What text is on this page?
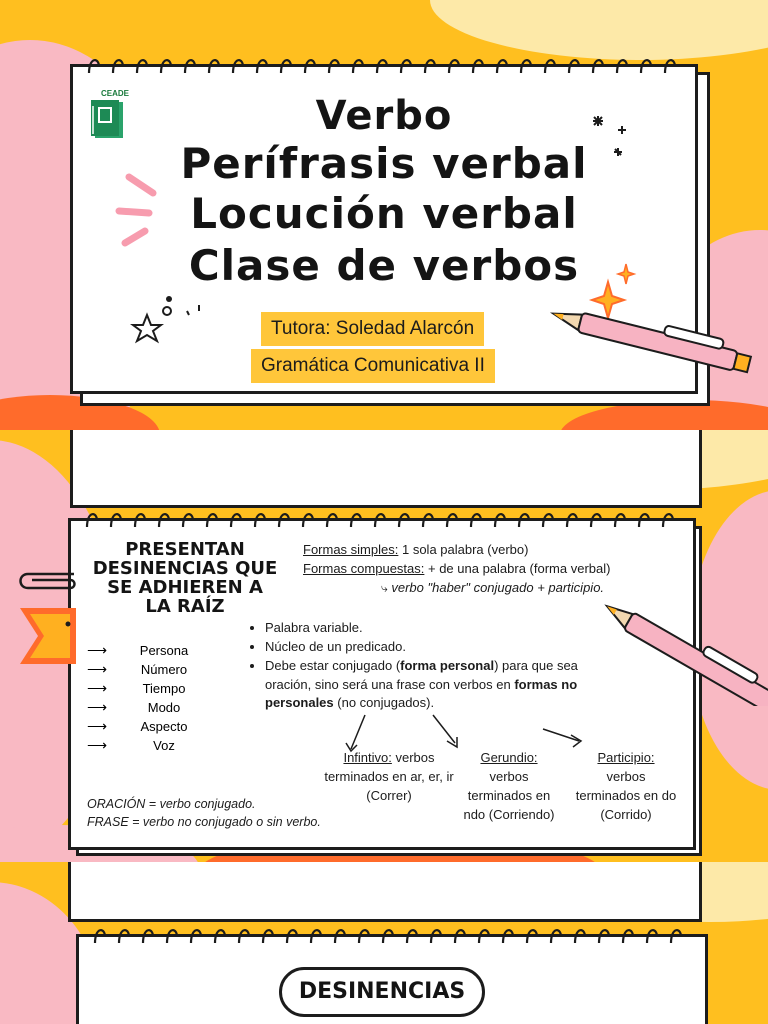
CEADE	Verbo
Perífrasis verbal
Locución verbal
Clase de verbos
Tutora: Soledad Alarcón
Gramática Comunicativa II
PRESENTAN
DESINENCIAS QUE
SE ADHIEREN A
LA RAÍZ
⟶	Persona
⟶	Número
⟶	Tiempo
⟶	Modo
⟶	Aspecto
⟶	Voz
Formas simples: 1 sola palabra (verbo)
Formas compuestas: + de una palabra (forma verbal)
⤷ verbo "haber" conjugado + participio.
• Palabra variable.
• Núcleo de un predicado.
• Debe estar conjugado (forma personal) para que sea oración, sino será una frase con verbos en formas no personales (no conjugados).
Infintivo: verbos terminados en ar, er, ir (Correr)
Gerundio:
verbos terminados en ndo (Corriendo)
Participio:
verbos terminados en do (Corrido)
ORACIÓN = verbo conjugado.
FRASE = verbo no conjugado o sin verbo.
DESINENCIAS
